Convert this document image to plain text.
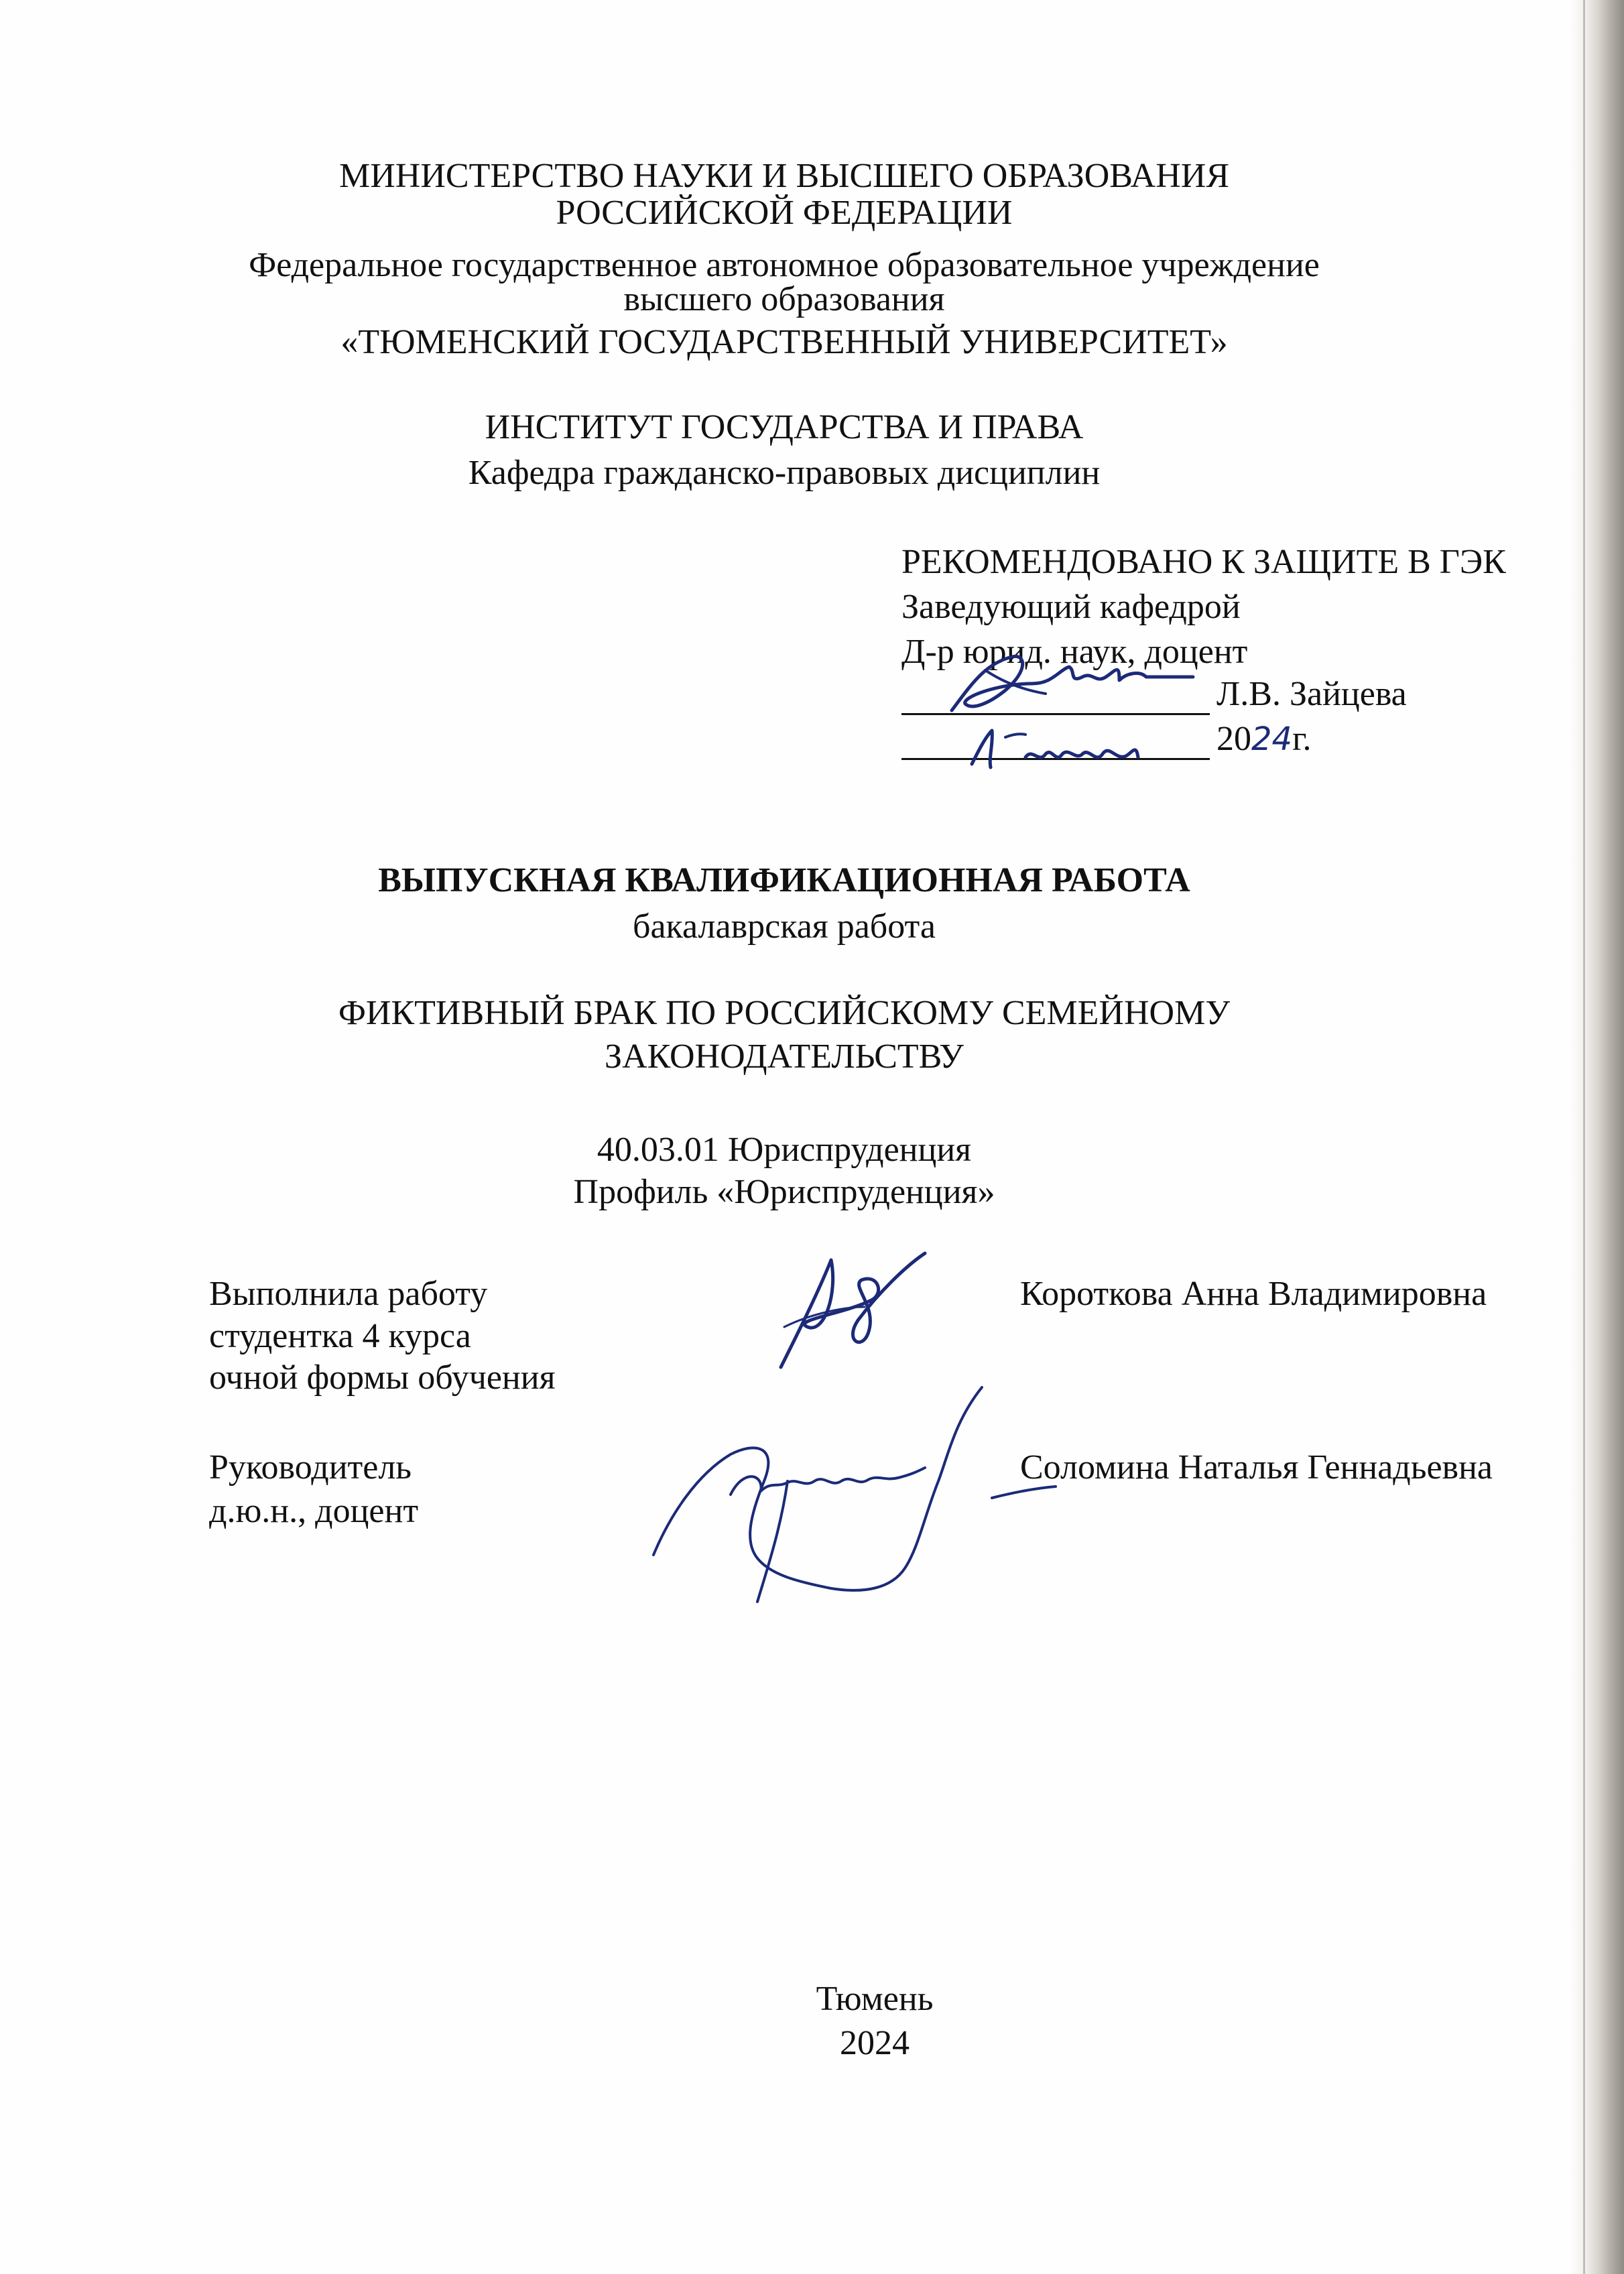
МИНИСТЕРСТВО НАУКИ И ВЫСШЕГО ОБРАЗОВАНИЯ
РОССИЙСКОЙ ФЕДЕРАЦИИ
Федеральное государственное автономное образовательное учреждение
высшего образования
«ТЮМЕНСКИЙ ГОСУДАРСТВЕННЫЙ УНИВЕРСИТЕТ»
ИНСТИТУТ ГОСУДАРСТВА И ПРАВА
Кафедра гражданско-правовых дисциплин
РЕКОМЕНДОВАНО К ЗАЩИТЕ В ГЭК
Заведующий кафедрой
Д-р юрид. наук, доцент
Л.В. Зайцева
2024г.
ВЫПУСКНАЯ КВАЛИФИКАЦИОННАЯ РАБОТА
бакалаврская работа
ФИКТИВНЫЙ БРАК ПО РОССИЙСКОМУ СЕМЕЙНОМУ
ЗАКОНОДАТЕЛЬСТВУ
40.03.01 Юриспруденция
Профиль «Юриспруденция»
Выполнила работу
студентка 4 курса
очной формы обучения
Короткова Анна Владимировна
Руководитель
д.ю.н., доцент
Соломина Наталья Геннадьевна
Тюмень
2024
